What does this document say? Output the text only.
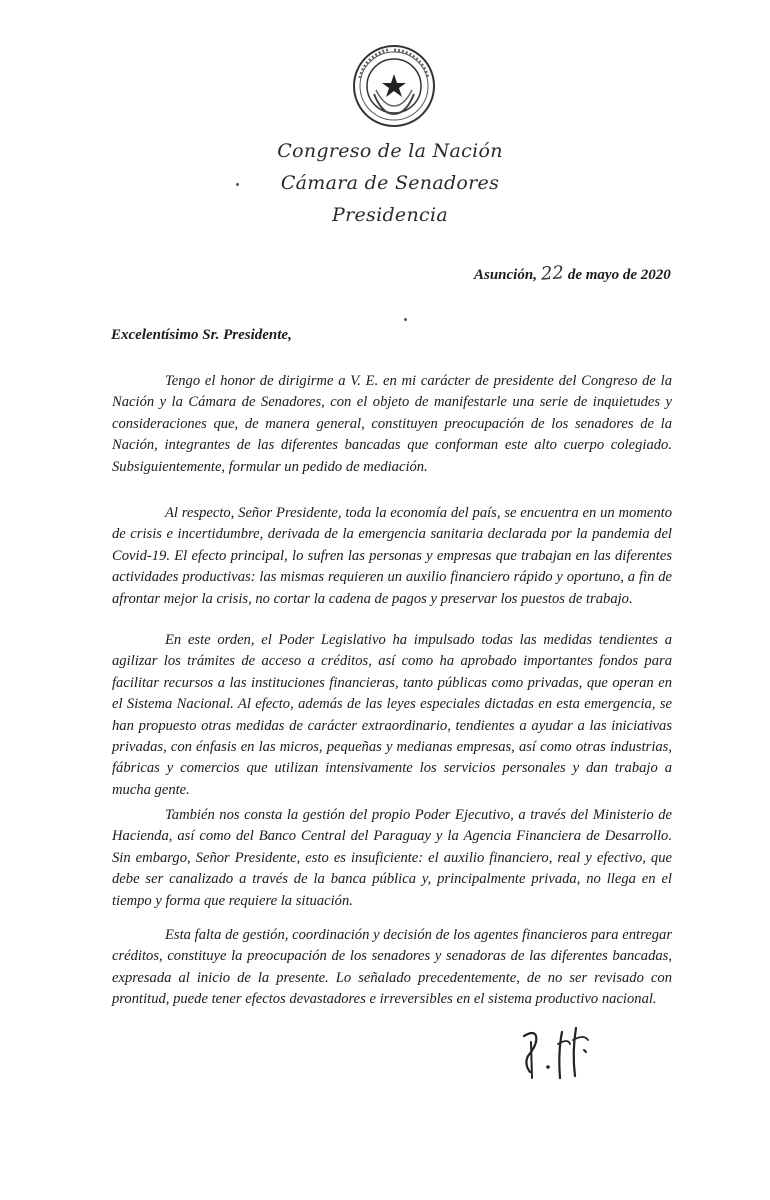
Congreso de la Nación
Cámara de Senadores
Presidencia
Asunción, 22 de mayo de 2020
Excelentísimo Sr. Presidente,

Tengo el honor de dirigirme a V. E. en mi carácter de presidente del Congreso de la Nación y la Cámara de Senadores, con el objeto de manifestarle una serie de inquietudes y consideraciones que, de manera general, constituyen preocupación de los senadores de la Nación, integrantes de las diferentes bancadas que conforman este alto cuerpo colegiado. Subsiguientemente, formular un pedido de mediación.

Al respecto, Señor Presidente, toda la economía del país, se encuentra en un momento de crisis e incertidumbre, derivada de la emergencia sanitaria declarada por la pandemia del Covid-19. El efecto principal, lo sufren las personas y empresas que trabajan en las diferentes actividades productivas: las mismas requieren un auxilio financiero rápido y oportuno, a fin de afrontar mejor la crisis, no cortar la cadena de pagos y preservar los puestos de trabajo.

En este orden, el Poder Legislativo ha impulsado todas las medidas tendientes a agilizar los trámites de acceso a créditos, así como ha aprobado importantes fondos para facilitar recursos a las instituciones financieras, tanto públicas como privadas, que operan en el Sistema Nacional. Al efecto, además de las leyes especiales dictadas en esta emergencia, se han propuesto otras medidas de carácter extraordinario, tendientes a ayudar a las iniciativas privadas, con énfasis en las micros, pequeñas y medianas empresas, así como otras industrias, fábricas y comercios que utilizan intensivamente los servicios personales y dan trabajo a mucha gente.

También nos consta la gestión del propio Poder Ejecutivo, a través del Ministerio de Hacienda, así como del Banco Central del Paraguay y la Agencia Financiera de Desarrollo. Sin embargo, Señor Presidente, esto es insuficiente: el auxilio financiero, real y efectivo, que debe ser canalizado a través de la banca pública y, principalmente privada, no llega en el tiempo y forma que requiere la situación.

Esta falta de gestión, coordinación y decisión de los agentes financieros para entregar créditos, constituye la preocupación de los senadores y senadoras de las diferentes bancadas, expresada al inicio de la presente. Lo señalado precedentemente, de no ser revisado con prontitud, puede tener efectos devastadores e irreversibles en el sistema productivo nacional.
